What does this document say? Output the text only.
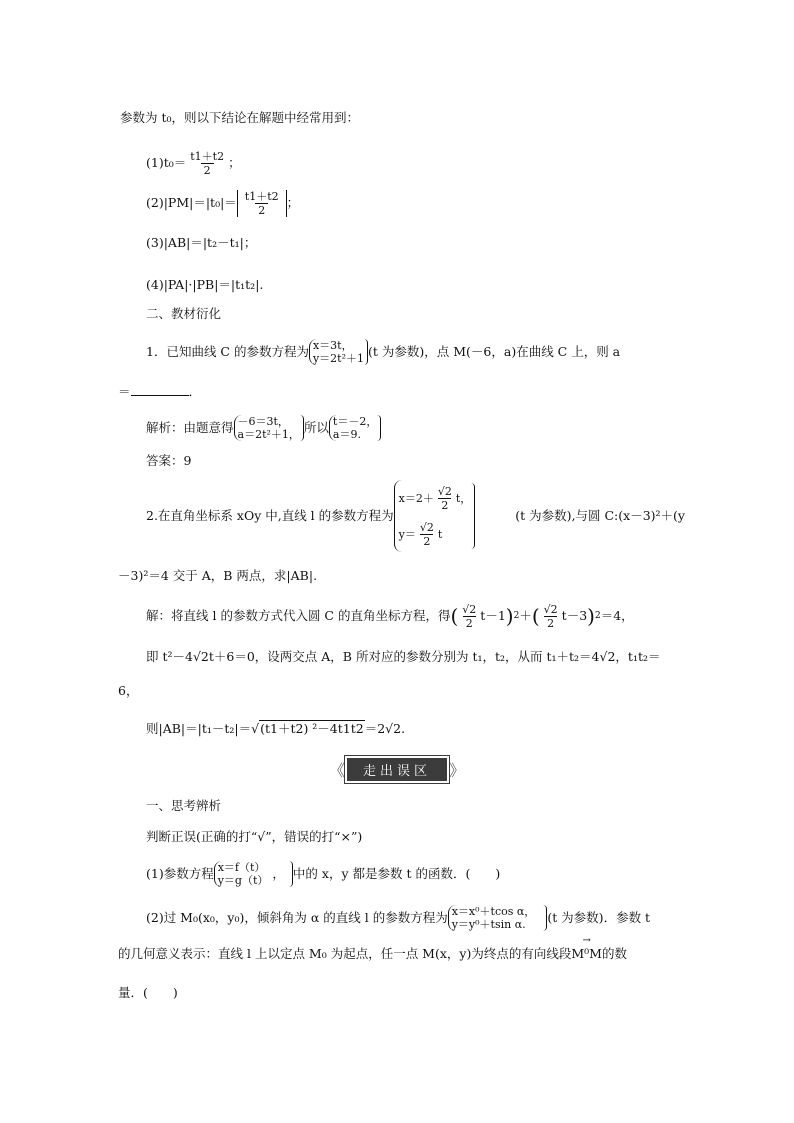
参数为 t₀，则以下结论在解题中经常用到：
$(1)t_0= \frac{t1+t2}{2}$ ；
$(2)|PM|=|t_0|= \frac{t1+t2}{2}$ ；
(3)|AB|＝|t₂－t₁|；
(4)|PA|·|PB|＝|t₁t₂|.
二、教材衍化
1．已知曲线 C 的参数方程为 x＝3t，
y＝2t²＋1 (t 为参数)，点 M(－6，a)在曲线 C 上，则 a
＝	．
解析：由题意得 －6＝3t，
a＝2t²＋1， 所以 t＝－2，
a＝9.
答案：9
2.在直角坐标系 xOy 中,直线 l 的参数方程为
$x=2+ \frac{√2}{2}$ t，
$y= \frac{√2}{2}$ t
(t 为参数),与圆 C:(x－3)²＋(y
－3)²＝4 交于 A，B 两点，求|AB|.
解：将直线 l 的参数方式代入圆 C 的直角坐标方程，得 ( $\frac{√2}{2} t-1$ ) 2 ＋ ( $\frac{√2}{2} t-3$ ) 2 ＝4，
即 t²－4√2t＋6＝0，设两交点 A，B 所对应的参数分别为 t₁，t₂，从而 t₁＋t₂＝4√2，t₁t₂＝
6，
则|AB|＝|t₁－t₂|＝√(t1＋t2) ²－4t1t2＝2√2.
《	走出误区	》
一、思考辨析
判断正误(正确的打“√”，错误的打“×”)
(1)参数方程 x＝f（t）
y＝g（t） ， 中的 x，y 都是参数 t 的函数．(　　)
(2)过 M₀(x₀，y₀)，倾斜角为 α 的直线 l 的参数方程为 x＝x⁰＋tcos α，
y＝y⁰＋tsin α.	(t 为参数)．参数 t
的几何意义表示：直线 l 上以定点 M₀ 为起点，任一点 M(x，y)为终点的有向线段
→
M⁰M的数
量．(　　)
